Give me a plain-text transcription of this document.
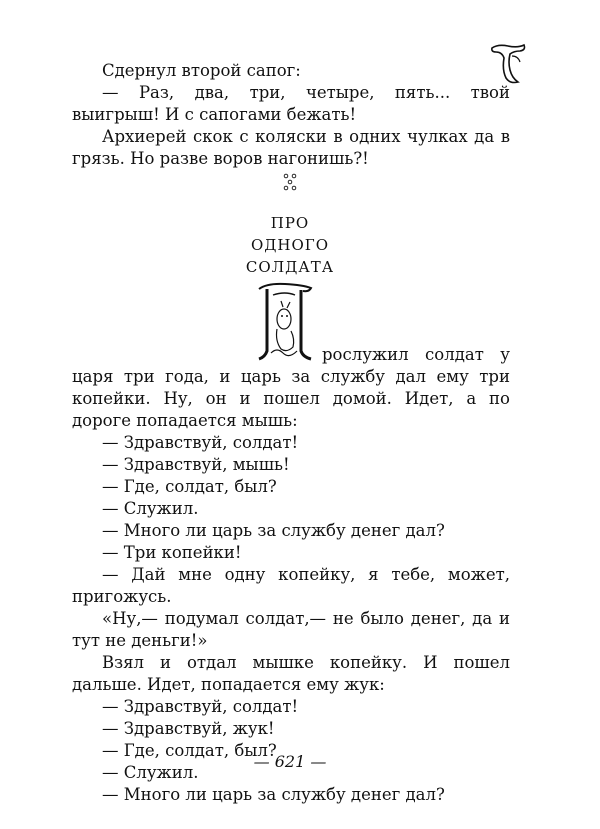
Сдернул второй сапог:

— Раз, два, три, четыре, пять... твой выигрыш! И с сапогами бежать!

Архиерей скок с коляски в одних чулках да в грязь. Но разве воров нагонишь?!

ПРО
ОДНОГО
СОЛДАТА
рослужил солдат у

царя три года, и царь за службу дал ему три копейки. Ну, он и пошел домой. Идет, а по дороге попадается мышь:

— Здравствуй, солдат!

— Здравствуй, мышь!

— Где, солдат, был?

— Служил.

— Много ли царь за службу денег дал?

— Три копейки!

— Дай мне одну копейку, я тебе, может, пригожусь.

«Ну,— подумал солдат,— не было денег, да и тут не деньги!»

Взял и отдал мышке копейку. И пошел дальше. Идет, попадается ему жук:

— Здравствуй, солдат!

— Здравствуй, жук!

— Где, солдат, был?

— Служил.

— Много ли царь за службу денег дал?

— 621 —
